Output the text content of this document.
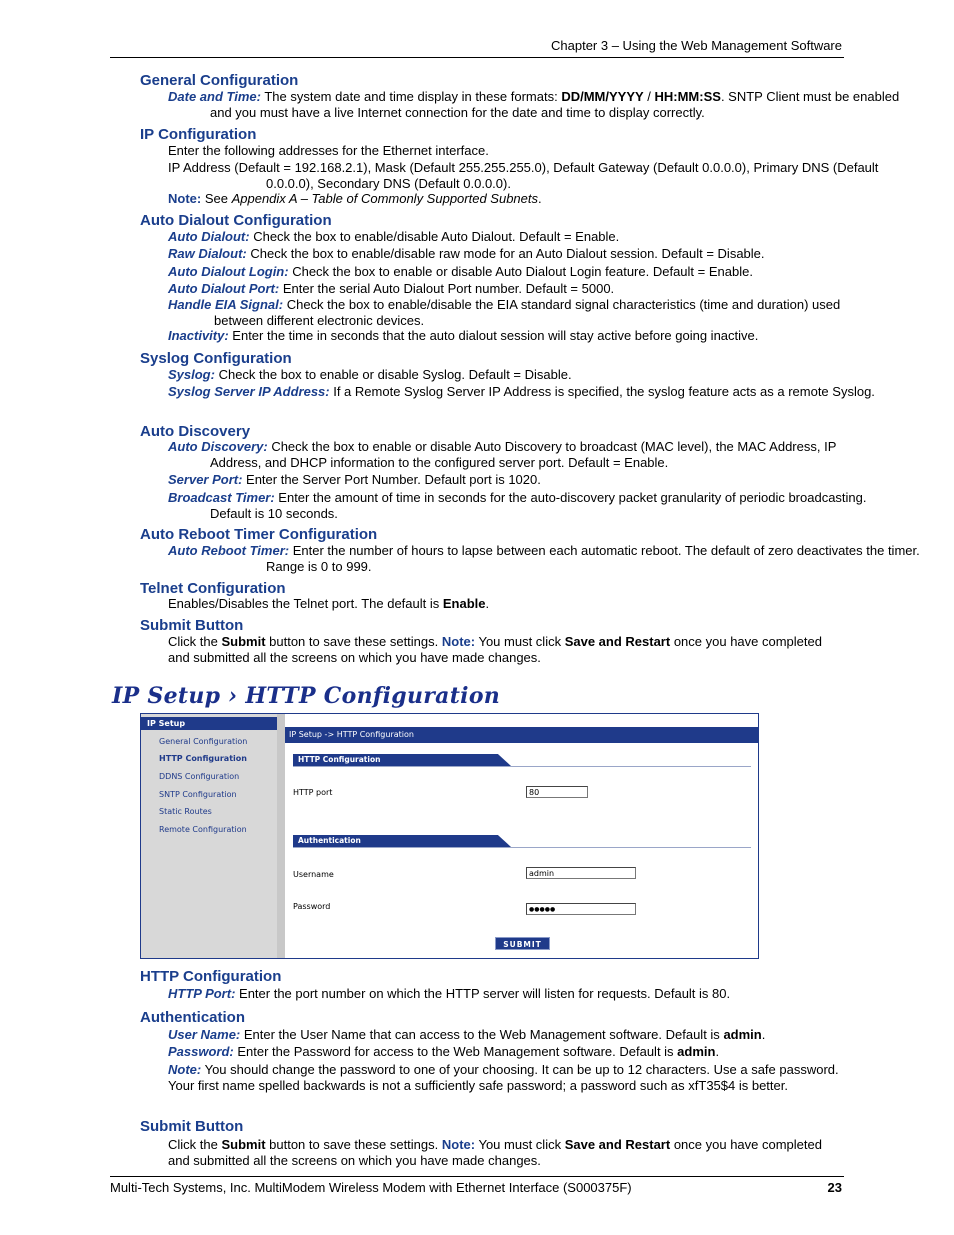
Chapter 3 – Using the Web Management Software
General Configuration
Date and Time: The system date and time display in these formats: DD/MM/YYYY / HH:MM:SS. SNTP Client must be enabled and you must have a live Internet connection for the date and time to display correctly.
IP Configuration
Enter the following addresses for the Ethernet interface.
IP Address (Default = 192.168.2.1), Mask (Default 255.255.255.0), Default Gateway (Default 0.0.0.0), Primary DNS (Default 0.0.0.0), Secondary DNS (Default 0.0.0.0).
Note: See Appendix A – Table of Commonly Supported Subnets.
Auto Dialout Configuration
Auto Dialout: Check the box to enable/disable Auto Dialout. Default = Enable.
Raw Dialout: Check the box to enable/disable raw mode for an Auto Dialout session. Default = Disable.
Auto Dialout Login: Check the box to enable or disable Auto Dialout Login feature. Default = Enable.
Auto Dialout Port: Enter the serial Auto Dialout Port number. Default = 5000.
Handle EIA Signal: Check the box to enable/disable the EIA standard signal characteristics (time and duration) used between different electronic devices.
Inactivity: Enter the time in seconds that the auto dialout session will stay active before going inactive.
Syslog Configuration
Syslog: Check the box to enable or disable Syslog. Default = Disable.
Syslog Server IP Address: If a Remote Syslog Server IP Address is specified, the syslog feature acts as a remote Syslog.
Auto Discovery
Auto Discovery: Check the box to enable or disable Auto Discovery to broadcast (MAC level), the MAC Address, IP Address, and DHCP information to the configured server port. Default = Enable.
Server Port: Enter the Server Port Number. Default port is 1020.
Broadcast Timer: Enter the amount of time in seconds for the auto-discovery packet granularity of periodic broadcasting. Default is 10 seconds.
Auto Reboot Timer Configuration
Auto Reboot Timer: Enter the number of hours to lapse between each automatic reboot. The default of zero deactivates the timer. Range is 0 to 999.
Telnet Configuration
Enables/Disables the Telnet port. The default is Enable.
Submit Button
Click the Submit button to save these settings. Note: You must click Save and Restart once you have completed and submitted all the screens on which you have made changes.
IP Setup › HTTP Configuration
IP Setup
General Configuration
HTTP Configuration
DDNS Configuration
SNTP Configuration
Static Routes
Remote Configuration
IP Setup -> HTTP Configuration
HTTP Configuration
HTTP port	80
Authentication
Username	admin
Password	●●●●●
SUBMIT
HTTP Configuration
HTTP Port: Enter the port number on which the HTTP server will listen for requests. Default is 80.
Authentication
User Name: Enter the User Name that can access to the Web Management software. Default is admin.
Password: Enter the Password for access to the Web Management software. Default is admin.
Note: You should change the password to one of your choosing. It can be up to 12 characters. Use a safe password. Your first name spelled backwards is not a sufficiently safe password; a password such as xfT35$4 is better.
Submit Button
Click the Submit button to save these settings. Note: You must click Save and Restart once you have completed and submitted all the screens on which you have made changes.
Multi-Tech Systems, Inc. MultiModem Wireless Modem with Ethernet Interface (S000375F)	23
